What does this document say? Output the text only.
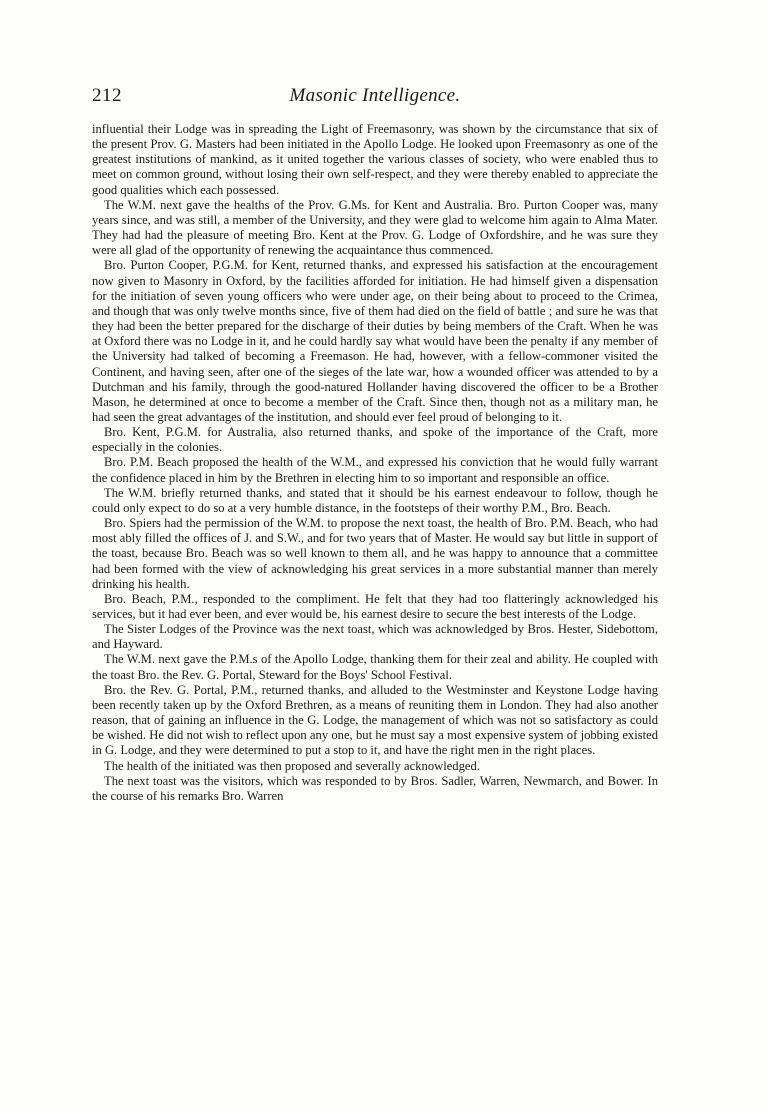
212	Masonic Intelligence.

influential their Lodge was in spreading the Light of Freemasonry, was shown by the circumstance that six of the present Prov. G. Masters had been initiated in the Apollo Lodge. He looked upon Freemasonry as one of the greatest institutions of mankind, as it united together the various classes of society, who were enabled thus to meet on common ground, without losing their own self-respect, and they were thereby enabled to appreciate the good qualities which each possessed.

The W.M. next gave the healths of the Prov. G.Ms. for Kent and Australia. Bro. Purton Cooper was, many years since, and was still, a member of the University, and they were glad to welcome him again to Alma Mater. They had had the pleasure of meeting Bro. Kent at the Prov. G. Lodge of Oxfordshire, and he was sure they were all glad of the opportunity of renewing the acquaintance thus commenced.

Bro. Purton Cooper, P.G.M. for Kent, returned thanks, and expressed his satisfaction at the encouragement now given to Masonry in Oxford, by the facilities afforded for initiation. He had himself given a dispensation for the initiation of seven young officers who were under age, on their being about to proceed to the Crimea, and though that was only twelve months since, five of them had died on the field of battle ; and sure he was that they had been the better prepared for the discharge of their duties by being members of the Craft. When he was at Oxford there was no Lodge in it, and he could hardly say what would have been the penalty if any member of the University had talked of becoming a Freemason. He had, however, with a fellow-commoner visited the Continent, and having seen, after one of the sieges of the late war, how a wounded officer was attended to by a Dutchman and his family, through the good-natured Hollander having discovered the officer to be a Brother Mason, he determined at once to become a member of the Craft. Since then, though not as a military man, he had seen the great advantages of the institution, and should ever feel proud of belonging to it.

Bro. Kent, P.G.M. for Australia, also returned thanks, and spoke of the importance of the Craft, more especially in the colonies.

Bro. P.M. Beach proposed the health of the W.M., and expressed his conviction that he would fully warrant the confidence placed in him by the Brethren in electing him to so important and responsible an office.

The W.M. briefly returned thanks, and stated that it should be his earnest endeavour to follow, though he could only expect to do so at a very humble distance, in the footsteps of their worthy P.M., Bro. Beach.

Bro. Spiers had the permission of the W.M. to propose the next toast, the health of Bro. P.M. Beach, who had most ably filled the offices of J. and S.W., and for two years that of Master. He would say but little in support of the toast, because Bro. Beach was so well known to them all, and he was happy to announce that a committee had been formed with the view of acknowledging his great services in a more substantial manner than merely drinking his health.

Bro. Beach, P.M., responded to the compliment. He felt that they had too flatteringly acknowledged his services, but it had ever been, and ever would be, his earnest desire to secure the best interests of the Lodge.

The Sister Lodges of the Province was the next toast, which was acknowledged by Bros. Hester, Sidebottom, and Hayward.

The W.M. next gave the P.M.s of the Apollo Lodge, thanking them for their zeal and ability. He coupled with the toast Bro. the Rev. G. Portal, Steward for the Boys' School Festival.

Bro. the Rev. G. Portal, P.M., returned thanks, and alluded to the Westminster and Keystone Lodge having been recently taken up by the Oxford Brethren, as a means of reuniting them in London. They had also another reason, that of gaining an influence in the G. Lodge, the management of which was not so satisfactory as could be wished. He did not wish to reflect upon any one, but he must say a most expensive system of jobbing existed in G. Lodge, and they were determined to put a stop to it, and have the right men in the right places.

The health of the initiated was then proposed and severally acknowledged.

The next toast was the visitors, which was responded to by Bros. Sadler, Warren, Newmarch, and Bower. In the course of his remarks Bro. Warren
